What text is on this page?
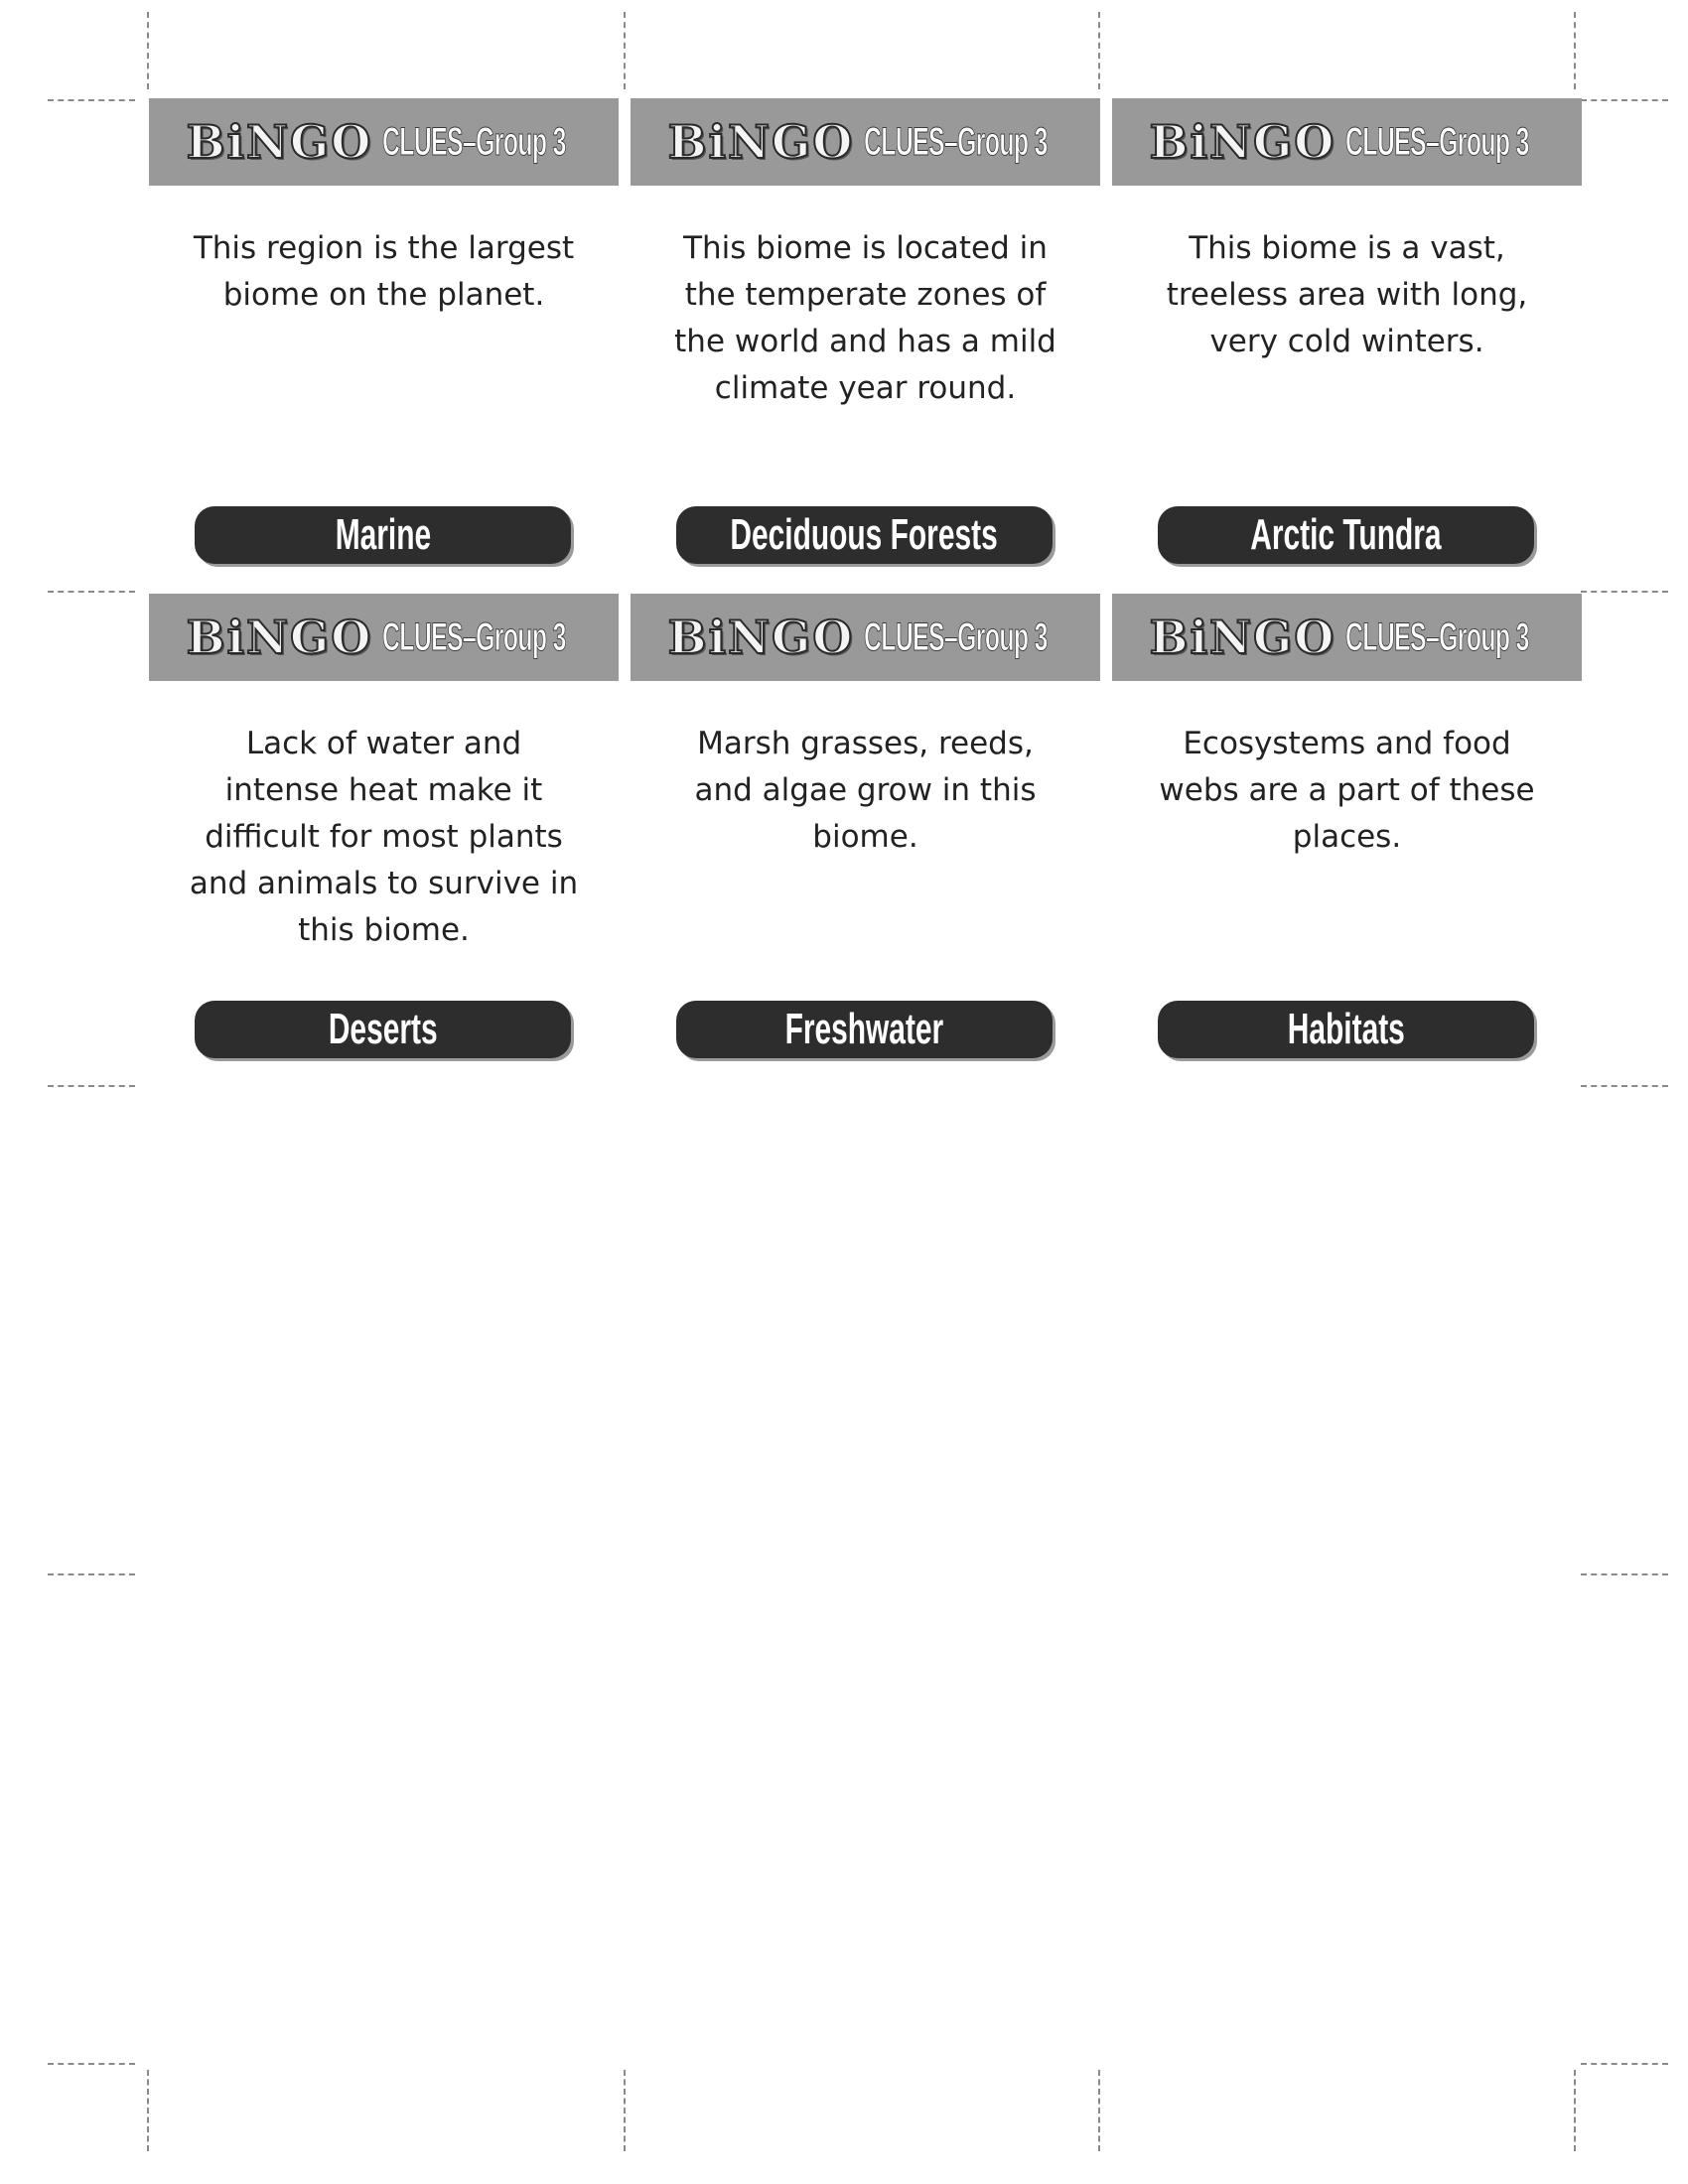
BiNGO CLUES–Group 3
This region is the largest biome on the planet.
Marine
BiNGO CLUES–Group 3
This biome is located in the temperate zones of the world and has a mild climate year round.
Deciduous Forests
BiNGO CLUES–Group 3
This biome is a vast, treeless area with long, very cold winters.
Arctic Tundra
BiNGO CLUES–Group 3
Lack of water and intense heat make it difficult for most plants and animals to survive in this biome.
Deserts
BiNGO CLUES–Group 3
Marsh grasses, reeds, and algae grow in this biome.
Freshwater
BiNGO CLUES–Group 3
Ecosystems and food webs are a part of these places.
Habitats
